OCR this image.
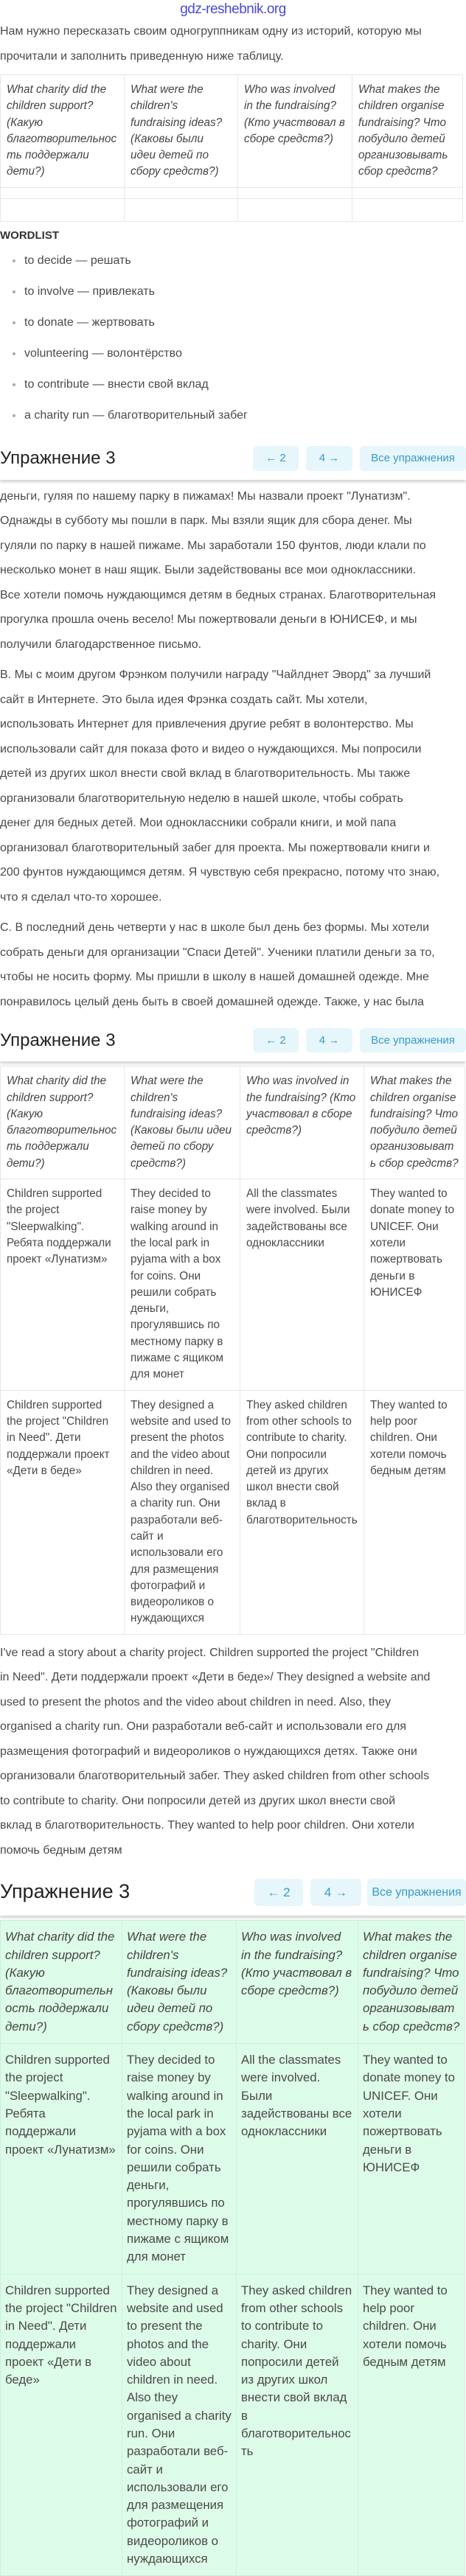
gdz-reshebnik.org
Нам нужно пересказать своим одногруппникам одну из историй, которую мы
прочитали и заполнить приведенную ниже таблицу.
What charity did the children support? (Какую благотворительность поддержали дети?)	What were the children's fundraising ideas? (Каковы были идеи детей по сбору средств?)	Who was involved in the fundraising? (Кто участвовал в сборе средств?)	What makes the children organise fundraising? Что побудило детей организовывать сбор средств?

WORDLIST
to decide — решать
to involve — привлекать
to donate — жертвовать
volunteering — волонтёрство
to contribute — внести свой вклад
a charity run — благотворительный забег
Упражнение 3	← 2	4 →	Все упражнения
деньги, гуляя по нашему парку в пижамах! Мы назвали проект "Лунатизм".
Однажды в субботу мы пошли в парк. Мы взяли ящик для сбора денег. Мы
гуляли по парку в нашей пижаме. Мы заработали 150 фунтов, люди клали по
несколько монет в наш ящик. Были задействованы все мои одноклассники.
Все хотели помочь нуждающимся детям в бедных странах. Благотворительная
прогулка прошла очень весело! Мы пожертвовали деньги в ЮНИСЕФ, и мы
получили благодарственное письмо.
B. Мы с моим другом Фрэнком получили награду "Чайлднет Эворд" за лучший
сайт в Интернете. Это была идея Фрэнка создать сайт. Мы хотели,
использовать Интернет для привлечения другие ребят в волонтерство. Мы
использовали сайт для показа фото и видео о нуждающихся. Мы попросили
детей из других школ внести свой вклад в благотворительность. Мы также
организовали благотворительную неделю в нашей школе, чтобы собрать
денег для бедных детей. Мои одноклассники собрали книги, и мой папа
организовал благотворительный забег для проекта. Мы пожертвовали книги и
200 фунтов нуждающимся детям. Я чувствую себя прекрасно, потому что знаю,
что я сделал что-то хорошее.
C. В последний день четверти у нас в школе был день без формы. Мы хотели
собрать деньги для организации "Спаси Детей". Ученики платили деньги за то,
чтобы не носить форму. Мы пришли в школу в нашей домашней одежде. Мне
понравилось целый день быть в своей домашней одежде. Также, у нас была
Упражнение 3	← 2	4 →	Все упражнения
What charity did the children support? (Какую благотворительность поддержали дети?)	What were the children's fundraising ideas? (Каковы были идеи детей по сбору средств?)	Who was involved in the fundraising? (Кто участвовал в сборе средств?)	What makes the children organise fundraising? Что побудило детей организовывать сбор средств?
Children supported the project "Sleepwalking". Ребята поддержали проект «Лунатизм»	They decided to raise money by walking around in the local park in pyjama with a box for coins. Они решили собрать деньги, прогулявшись по местному парку в пижаме с ящиком для монет	All the classmates were involved. Были задействованы все одноклассники	They wanted to donate money to UNICEF. Они хотели пожертвовать деньги в ЮНИСЕФ
Children supported the project "Children in Need". Дети поддержали проект «Дети в беде»	They designed a website and used to present the photos and the video about children in need. Also they organised a charity run. Они разработали веб-сайт и использовали его для размещения фотографий и видеороликов о нуждающихся	They asked children from other schools to contribute to charity. Они попросили детей из других школ внести свой вклад в благотворительность	They wanted to help poor children. Они хотели помочь бедным детям
I've read a story about a charity project. Children supported the project "Children
in Need". Дети поддержали проект «Дети в беде»/ They designed a website and
used to present the photos and the video about children in need. Also, they
organised a charity run. Они разработали веб-сайт и использовали его для
размещения фотографий и видеороликов о нуждающихся детях. Также они
организовали благотворительный забег. They asked children from other schools
to contribute to charity. Они попросили детей из других школ внести свой
вклад в благотворительность. They wanted to help poor children. Они хотели
помочь бедным детям
Упражнение 3	← 2	4 →	Все упражнения
What charity did the children support? (Какую благотворительность поддержали дети?)	What were the children's fundraising ideas? (Каковы были идеи детей по сбору средств?)	Who was involved in the fundraising? (Кто участвовал в сборе средств?)	What makes the children organise fundraising? Что побудило детей организовывать сбор средств?
Children supported the project "Sleepwalking". Ребята поддержали проект «Лунатизм»	They decided to raise money by walking around in the local park in pyjama with a box for coins. Они решили собрать деньги, прогулявшись по местному парку в пижаме с ящиком для монет	All the classmates were involved. Были задействованы все одноклассники	They wanted to donate money to UNICEF. Они хотели пожертвовать деньги в ЮНИСЕФ
Children supported the project "Children in Need". Дети поддержали проект «Дети в беде»	They designed a website and used to present the photos and the video about children in need. Also they organised a charity run. Они разработали веб-сайт и использовали его для размещения фотографий и видеороликов о нуждающихся	They asked children from other schools to contribute to charity. Они попросили детей из других школ внести свой вклад в благотворительность	They wanted to help poor children. Они хотели помочь бедным детям
